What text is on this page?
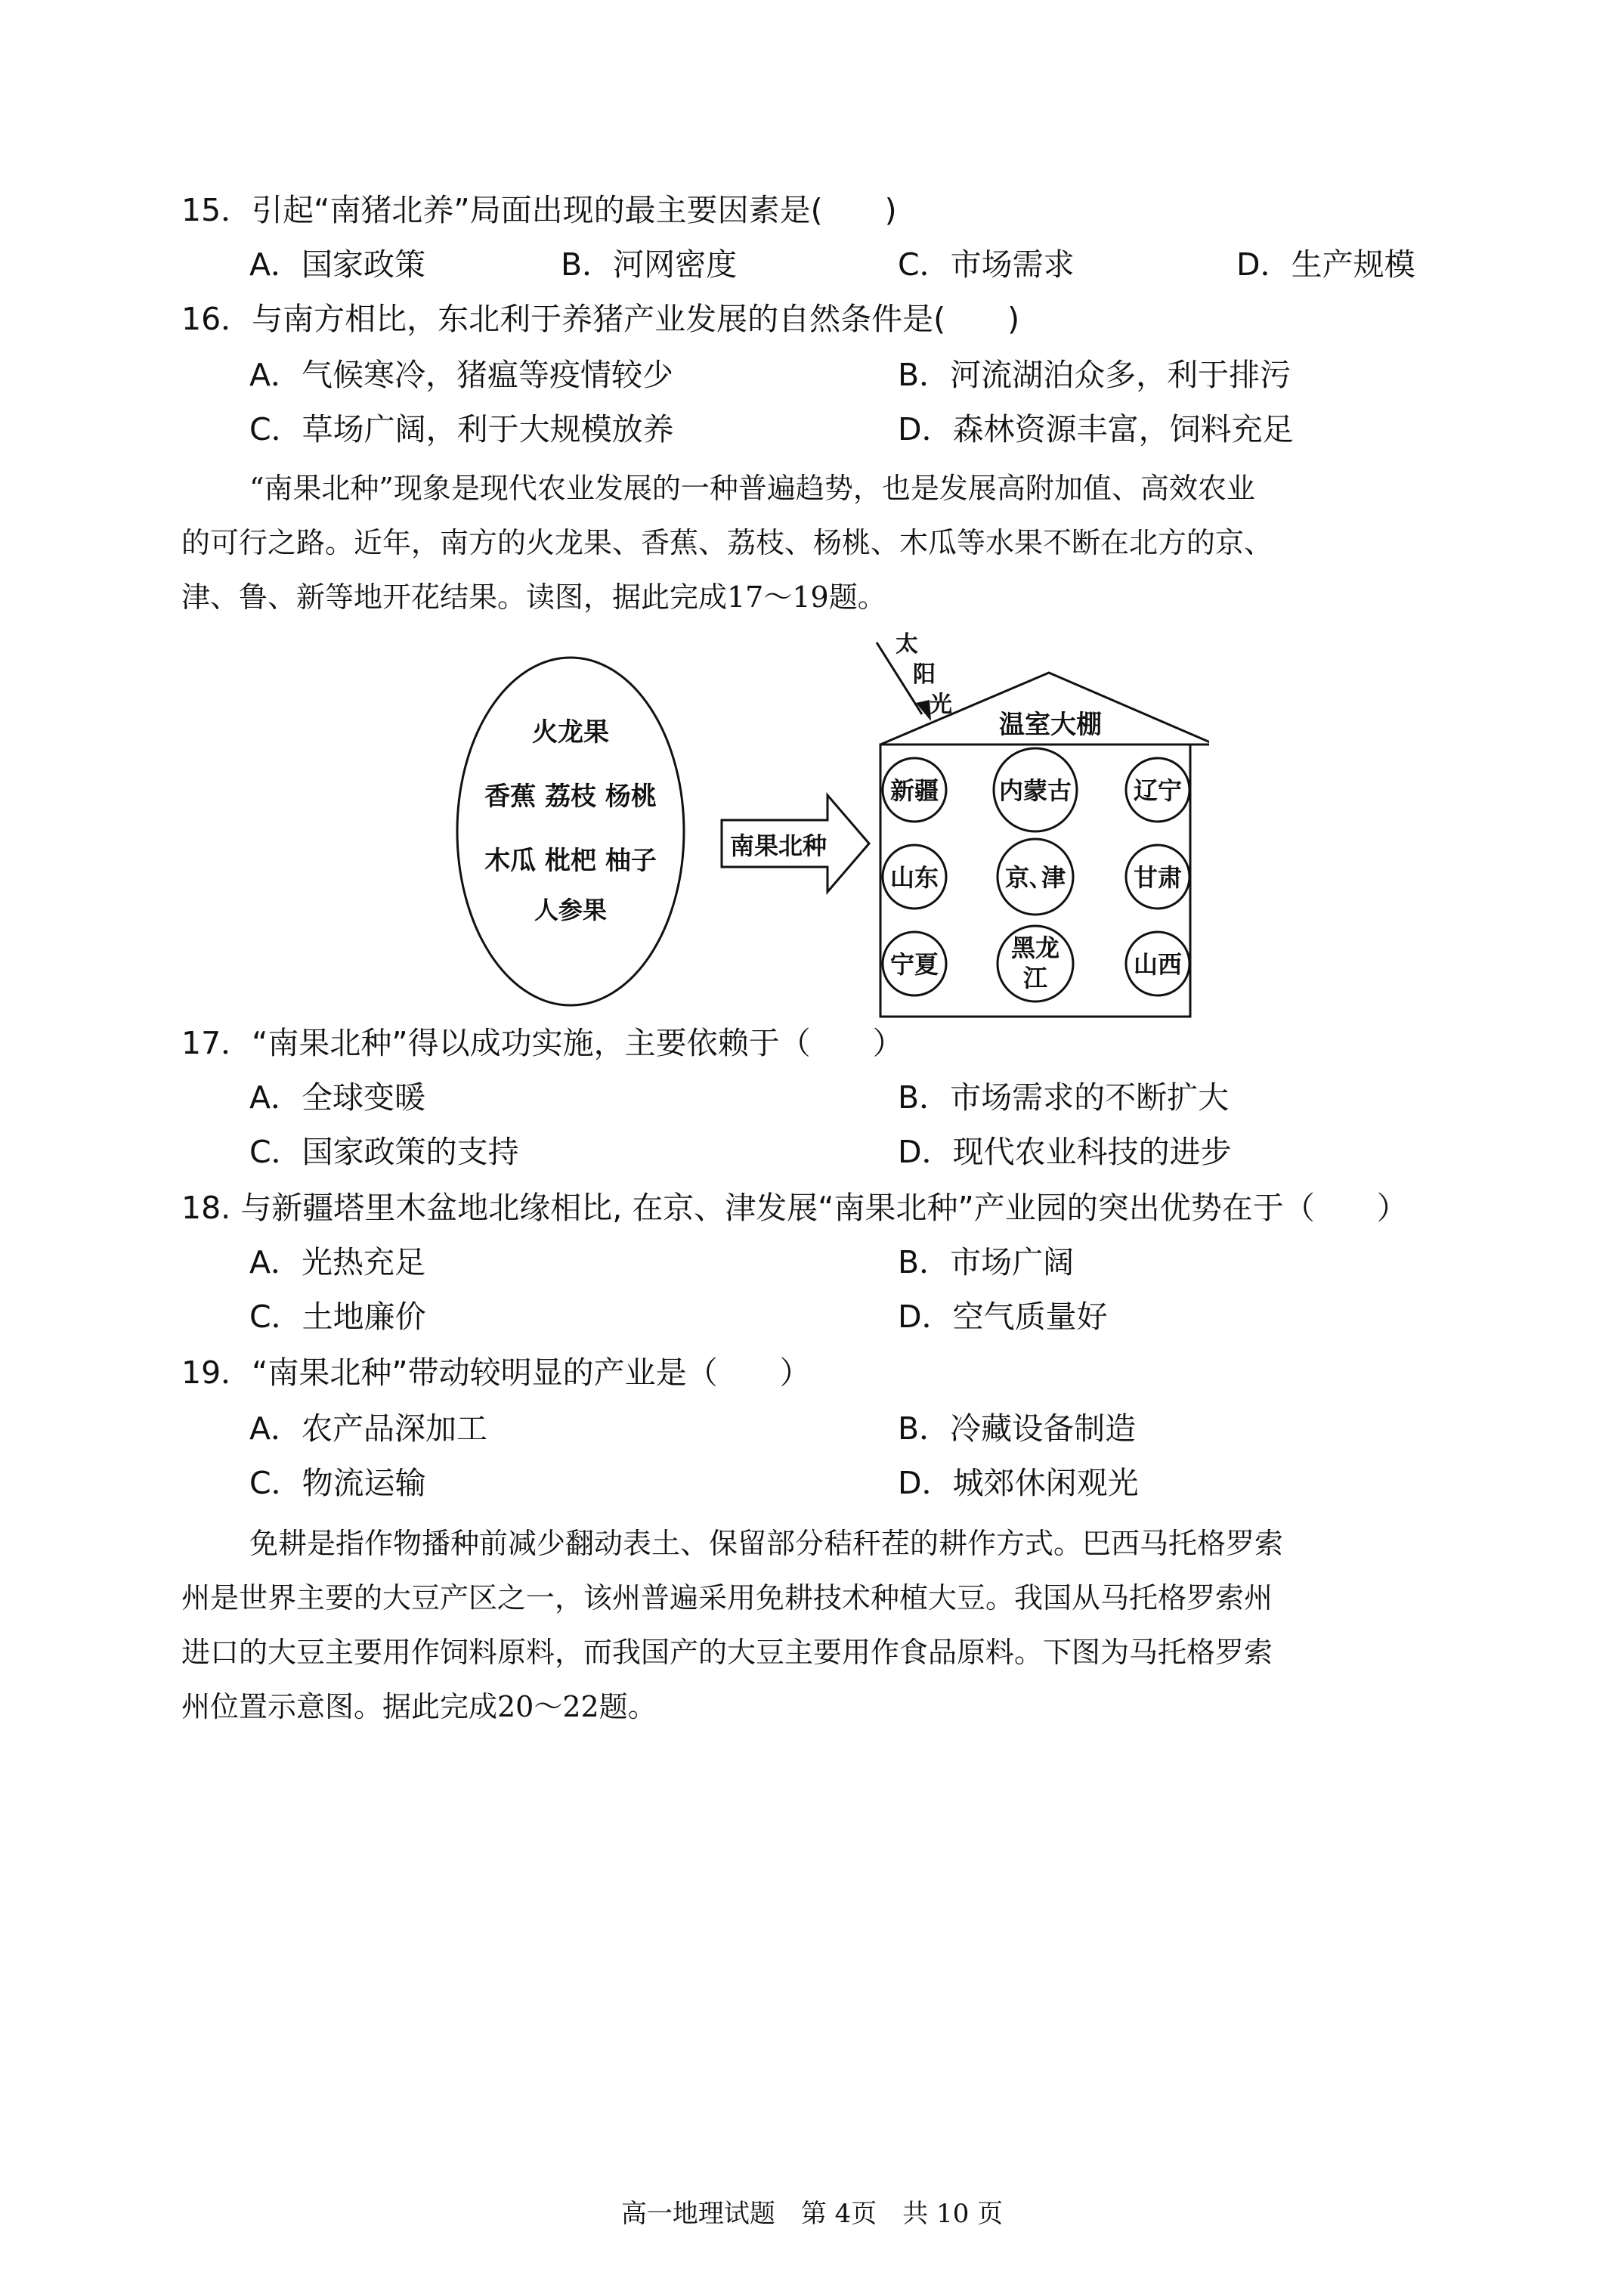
15．引起“南猪北养”局面出现的最主要因素是(　　)
A．国家政策	B．河网密度	C．市场需求	D．生产规模
16．与南方相比，东北利于养猪产业发展的自然条件是(　　)
A．气候寒冷，猪瘟等疫情较少	B．河流湖泊众多，利于排污
C．草场广阔，利于大规模放养	D．森林资源丰富，饲料充足
“南果北种”现象是现代农业发展的一种普遍趋势，也是发展高附加值、高效农业
的可行之路。近年，南方的火龙果、香蕉、荔枝、杨桃、木瓜等水果不断在北方的京、
津、鲁、新等地开花结果。读图，据此完成17～19题。
火龙果
香蕉 荔枝 杨桃
木瓜 枇杷 柚子
人参果
南果北种
太
阳
光
温室大棚
新疆 内蒙古	辽宁
山东	京､津	甘肃
宁夏
黑龙
江	山西
17．“南果北种”得以成功实施，主要依赖于（　　）
A．全球变暖	B．市场需求的不断扩大
C．国家政策的支持	D．现代农业科技的进步
18. 与新疆塔里木盆地北缘相比, 在京、津发展“南果北种”产业园的突出优势在于（　　）
A．光热充足	B．市场广阔
C．土地廉价	D．空气质量好
19．“南果北种”带动较明显的产业是（　　）
A．农产品深加工	B．冷藏设备制造
C．物流运输	D．城郊休闲观光
免耕是指作物播种前减少翻动表土、保留部分秸秆茬的耕作方式。巴西马托格罗索
州是世界主要的大豆产区之一，该州普遍采用免耕技术种植大豆。我国从马托格罗索州
进口的大豆主要用作饲料原料，而我国产的大豆主要用作食品原料。下图为马托格罗索
州位置示意图。据此完成20～22题。
高一地理试题　第 4页　共 10 页
